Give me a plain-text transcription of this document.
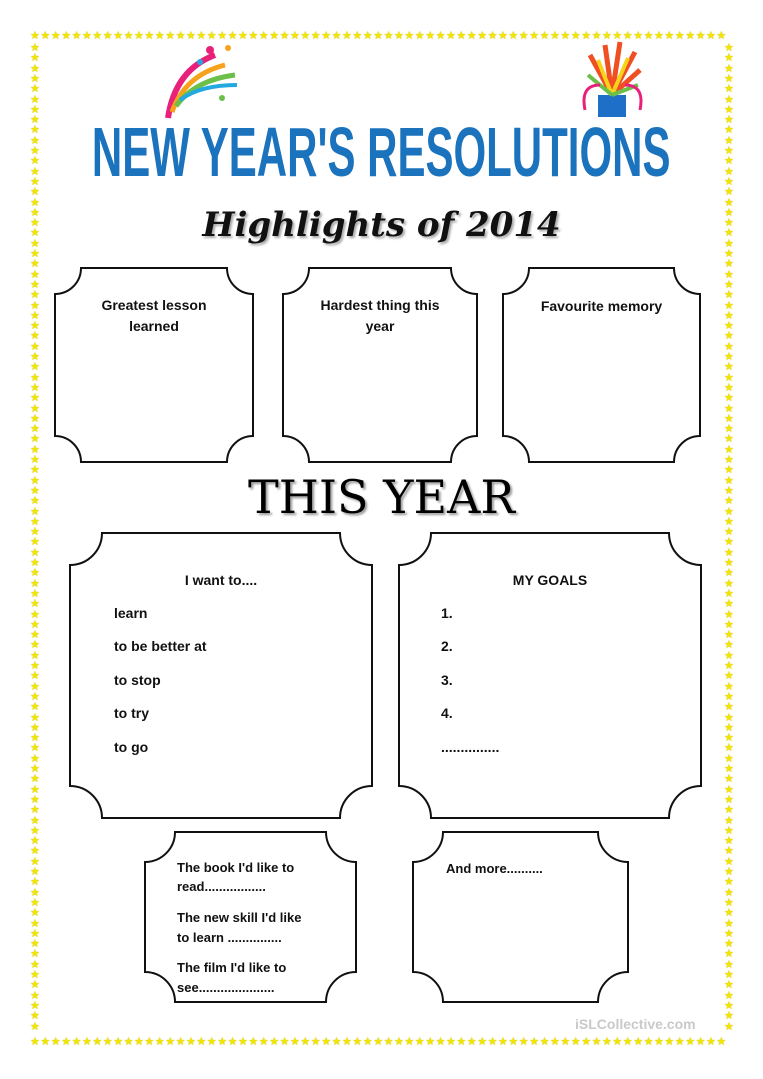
★
★
★
★
★
★
★
★
★
★
★
★
★
★
★
★
★
★
★
★
★
★
★
★
★
★
★
★
★
★
★
★
★
★
★
★
★
★
★
★
★
★
★
★
★
★
★
★
★
★
★
★
★
★
★
★
★
★
★
★
★
★
★
★
★
★
★
★
★
★
★
★
★
★
★
★
★
★
★
★
★
★
★
★
★
★
★
★
★
★
★
★
★
★
★
★
★
★
★
★
★
★
★
★
★
★
★
★
★
★
★
★
★
★
★
★
★
★
★
★
★
★
★
★
★
★
★
★
★
★
★
★
★
★
★	★
★	★
★	★
★	★
★	★
★	★
★	★
★	★
★	★
★	★
★	★
★	★
★	★
★	★
★	★
★	★
★	★
★	★
★	★
★	★
★	★
★	★
★	★
★	★
★	★
★	★
★	★
★	★
★	★
★	★
★	★
★	★
★	★
★	★
★	★
★	★
★	★
★	★
★	★
★	★
★	★
★	★
★	★
★	★
★	★
★	★
★	★
★	★
★	★
★	★
★	★
★	★
★	★
★	★
★	★
★	★
★	★
★	★
★	★
★	★
★	★
★	★
★	★
★	★
★	★
★	★
★	★
★	★
★	★
★	★
★	★
★	★
★	★
★	★
★	★
★	★
★	★
★	★
★	★
★	★
★	★
★	★
★	★
★	★
★	★
★	★
★	★
★	★
★	★
★	★
★	★
★	★
★	★
★	★
★	★
★	★
NEW YEAR'S RESOLUTIONS
Highlights of 2014
Greatest lesson
learned
Hardest thing this
year
Favourite memory
THIS YEAR
I want to....
learn
to be better at
to stop
to try
to go
MY GOALS
1.
2.
3.
4.
...............
The book I'd like to
read.................
The new skill I'd like
to learn ...............
The film I'd like to
see.....................
And more..........
iSLCollective.com
